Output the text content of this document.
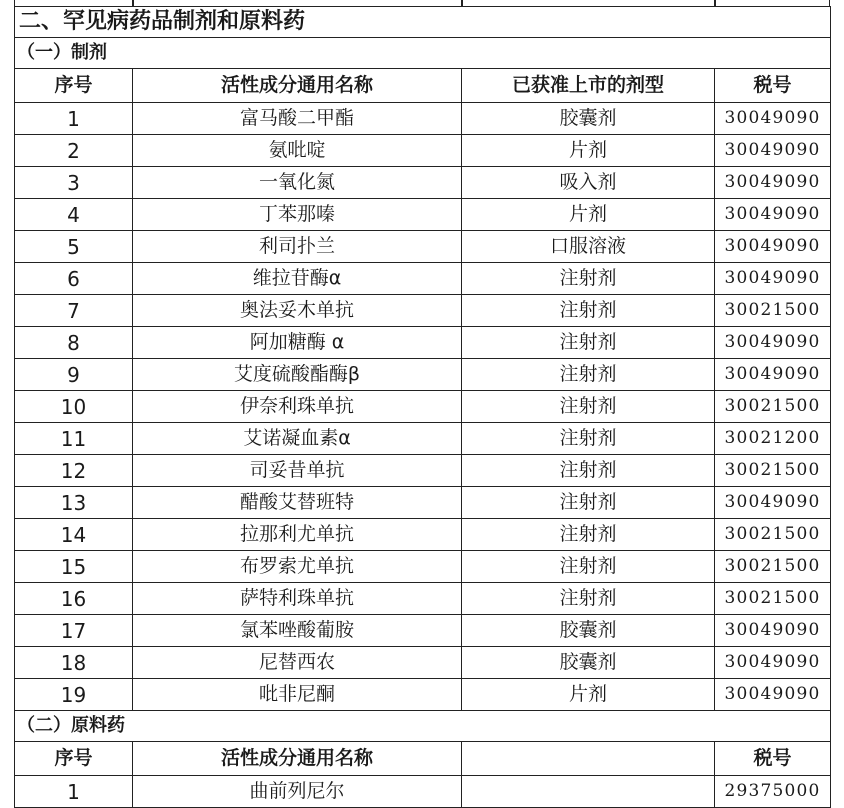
二、罕见病药品制剂和原料药			
（一）制剂			
序号	活性成分通用名称	已获准上市的剂型	税号
1	富马酸二甲酯	胶囊剂	30049090
2	氨吡啶	片剂	30049090
3	一氧化氮	吸入剂	30049090
4	丁苯那嗪	片剂	30049090
5	利司扑兰	口服溶液	30049090
6	维拉苷酶α	注射剂	30049090
7	奥法妥木单抗	注射剂	30021500
8	阿加糖酶 α	注射剂	30049090
9	艾度硫酸酯酶β	注射剂	30049090
10	伊奈利珠单抗	注射剂	30021500
11	艾诺凝血素α	注射剂	30021200
12	司妥昔单抗	注射剂	30021500
13	醋酸艾替班特	注射剂	30049090
14	拉那利尤单抗	注射剂	30021500
15	布罗索尤单抗	注射剂	30021500
16	萨特利珠单抗	注射剂	30021500
17	氯苯唑酸葡胺	胶囊剂	30049090
18	尼替西农	胶囊剂	30049090
19	吡非尼酮	片剂	30049090
（二）原料药			
序号	活性成分通用名称		税号
1	曲前列尼尔		29375000
